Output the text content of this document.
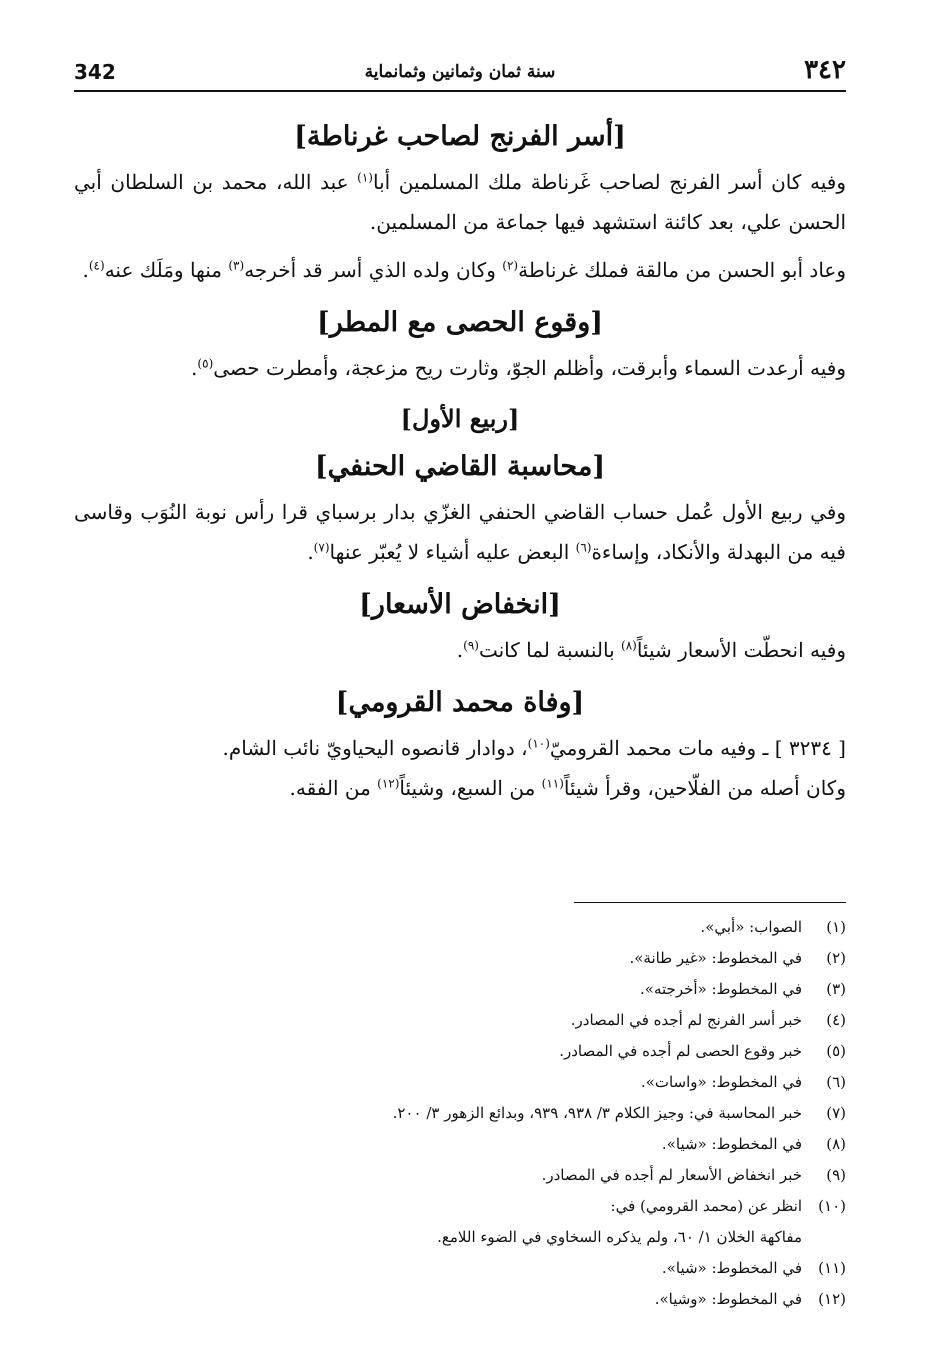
342	سنة ثمان وثمانين وثمانماية	٣٤٢
[أسر الفرنج لصاحب غرناطة]

وفيه كان أسر الفرنج لصاحب غَرناطة ملك المسلمين أبا$^{(١)}$ عبد الله، محمد بن السلطان أبي الحسن علي، بعد كائنة استشهد فيها جماعة من المسلمين.

وعاد أبو الحسن من مالقة فملك غرناطة$^{(٢)}$ وكان ولده الذي أسر قد أخرجه$^{(٣)}$ منها ومَلَك عنه$^{(٤)}$.

[وقوع الحصى مع المطر]

وفيه أرعدت السماء وأبرقت، وأظلم الجوّ، وثارت ريح مزعجة، وأمطرت حصى$^{(٥)}$.

[ربيع الأول]
[محاسبة القاضي الحنفي]

وفي ربيع الأول عُمل حساب القاضي الحنفي الغزّي بدار برسباي قرا رأس نوبة النُوَب وقاسى فيه من البهدلة والأنكاد، وإساءة$^{(٦)}$ البعض عليه أشياء لا يُعبّر عنها$^{(٧)}$.

[انخفاض الأسعار]

وفيه انحطّت الأسعار شيئاً$^{(٨)}$ بالنسبة لما كانت$^{(٩)}$.

[وفاة محمد القرومي]

[ ٣٢٣٤ ] ـ وفيه مات محمد القروميّ$^{(١٠)}$، دوادار قانصوه اليحياويّ نائب الشام.

وكان أصله من الفلّاحين، وقرأ شيئاً$^{(١١)}$ من السبع، وشيئاً$^{(١٢)}$ من الفقه.

(١)الصواب: «أبي».
(٢)في المخطوط: «غير طانة».
(٣)في المخطوط: «أخرجته».
(٤)خبر أسر الفرنج لم أجده في المصادر.
(٥)خبر وقوع الحصى لم أجده في المصادر.
(٦)في المخطوط: «واسات».
(٧)خبر المحاسبة في: وجيز الكلام ٣/ ٩٣٨، ٩٣٩، وبدائع الزهور ٣/ ٢٠٠.
(٨)في المخطوط: «شيا».
(٩)خبر انخفاض الأسعار لم أجده في المصادر.
(١٠)انظر عن (محمد القرومي) في:
مفاكهة الخلان ١/ ٦٠، ولم يذكره السخاوي في الضوء اللامع.
(١١)في المخطوط: «شيا».
(١٢)في المخطوط: «وشيا».
